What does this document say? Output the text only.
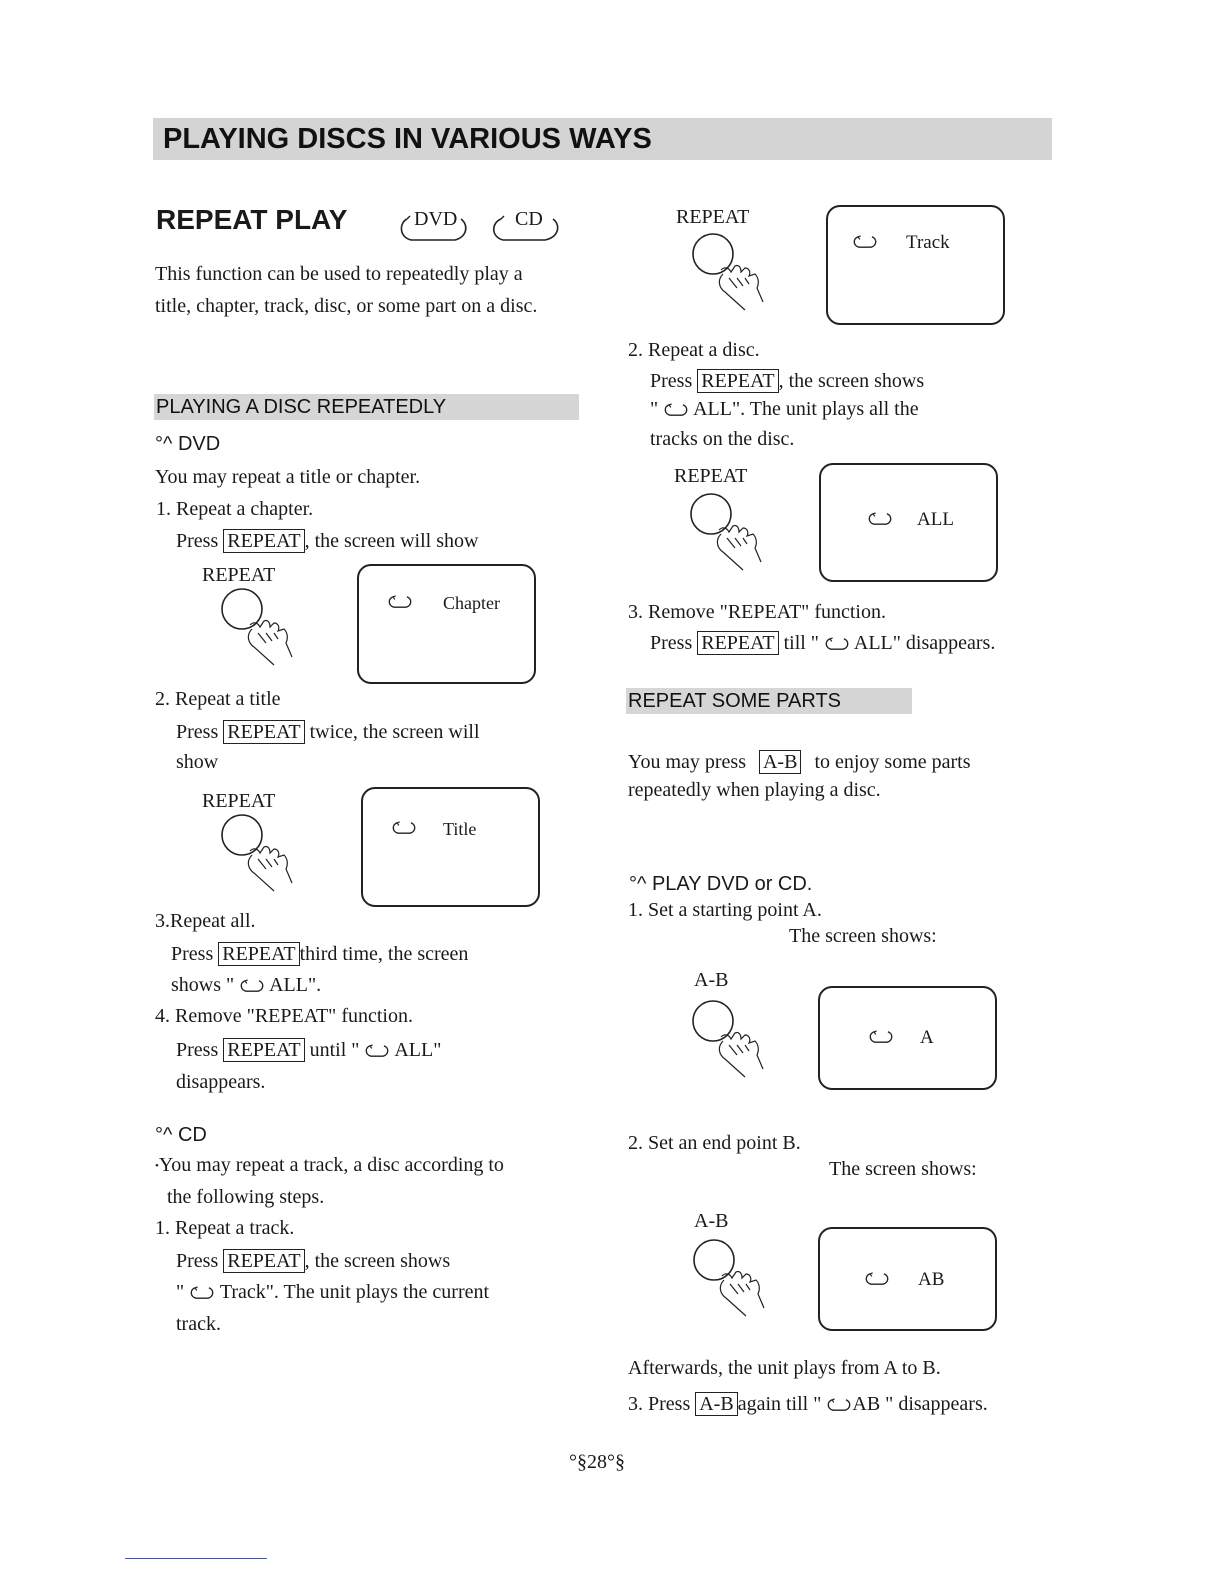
PLAYING DISCS IN VARIOUS WAYS
REPEAT PLAY	DVD	CD
This function can be used to repeatedly play a
title, chapter, track, disc, or some part on a disc.
PLAYING A DISC REPEATEDLY
°^ DVD
You may repeat a title or chapter.
1. Repeat a chapter.
Press REPEAT , the screen will show
REPEAT
Chapter
2. Repeat a title
Press REPEAT twice, the screen will
show
REPEAT
Title
3.Repeat all.
Press REPEAT third time, the screen
shows " ALL".
4. Remove "REPEAT" function.
Press REPEAT until " ALL"
disappears.
°^ CD
•You may repeat a track, a disc according to
the following steps.
1. Repeat a track.
Press REPEAT , the screen shows
" Track". The unit plays the current
track.
REPEAT
Track
2. Repeat a disc.
Press REPEAT , the screen shows
" ALL". The unit plays all the
tracks on the disc.
REPEAT
ALL
3. Remove "REPEAT" function.
Press REPEAT till " ALL" disappears.
REPEAT SOME PARTS
You may press A-B to enjoy some parts
repeatedly when playing a disc.
°^ PLAY DVD or CD.
1. Set a starting point A.
The screen shows:
A-B
A
2. Set an end point B.
The screen shows:
A-B
AB
Afterwards, the unit plays from A to B.
3. Press A-B again till " AB " disappears.
°§28°§
